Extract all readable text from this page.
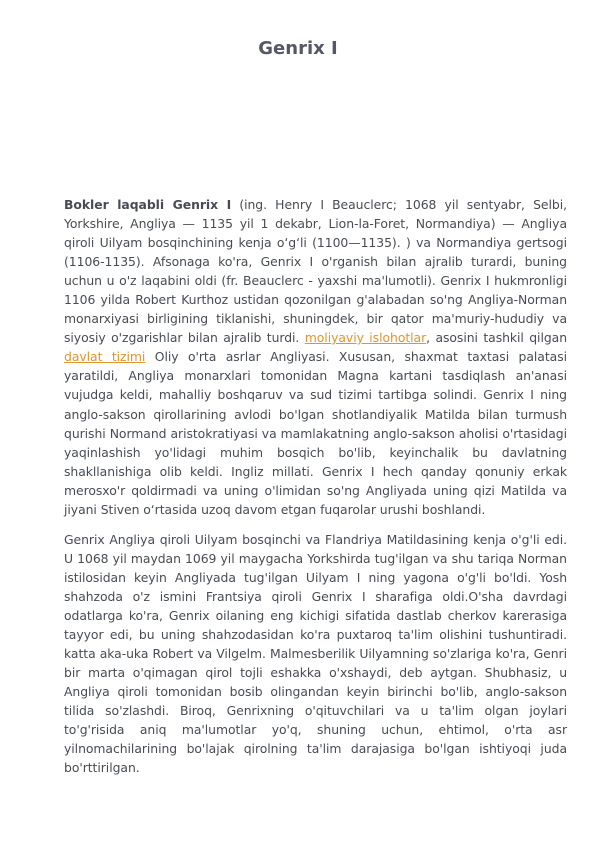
Genrix I

Bokler laqabli Genrix I (ing. Henry I Beauclerc; 1068 yil sentyabr, Selbi, Yorkshire, Angliya — 1135 yil 1 dekabr, Lion-la-Foret, Normandiya) — Angliya qiroli Uilyam bosqinchining kenja oʻgʻli (1100—1135). ) va Normandiya gertsogi (1106-1135). Afsonaga ko'ra, Genrix I o'rganish bilan ajralib turardi, buning uchun u o'z laqabini oldi (fr. Beauclerc - yaxshi ma'lumotli). Genrix I hukmronligi 1106 yilda Robert Kurthoz ustidan qozonilgan g'alabadan so'ng Angliya-Norman monarxiyasi birligining tiklanishi, shuningdek, bir qator ma'muriy-hududiy va siyosiy o'zgarishlar bilan ajralib turdi. moliyaviy islohotlar, asosini tashkil qilgan davlat tizimi Oliy o'rta asrlar Angliyasi. Xususan, shaxmat taxtasi palatasi yaratildi, Angliya monarxlari tomonidan Magna kartani tasdiqlash an'anasi vujudga keldi, mahalliy boshqaruv va sud tizimi tartibga solindi. Genrix I ning anglo-sakson qirollarining avlodi bo'lgan shotlandiyalik Matilda bilan turmush qurishi Normand aristokratiyasi va mamlakatning anglo-sakson aholisi o'rtasidagi yaqinlashish yo'lidagi muhim bosqich bo'lib, keyinchalik bu davlatning shakllanishiga olib keldi. Ingliz millati. Genrix I hech qanday qonuniy erkak merosxo'r qoldirmadi va uning o'limidan so'ng Angliyada uning qizi Matilda va jiyani Stiven oʻrtasida uzoq davom etgan fuqarolar urushi boshlandi.

Genrix Angliya qiroli Uilyam bosqinchi va Flandriya Matildasining kenja o'g'li edi. U 1068 yil maydan 1069 yil maygacha Yorkshirda tug'ilgan va shu tariqa Norman istilosidan keyin Angliyada tug'ilgan Uilyam I ning yagona o'g'li bo'ldi. Yosh shahzoda o'z ismini Frantsiya qiroli Genrix I sharafiga oldi.O'sha davrdagi odatlarga ko'ra, Genrix oilaning eng kichigi sifatida dastlab cherkov karerasiga tayyor edi, bu uning shahzodasidan ko'ra puxtaroq ta'lim olishini tushuntiradi. katta aka-uka Robert va Vilgelm. Malmesberilik Uilyamning so'zlariga ko'ra, Genri bir marta o'qimagan qirol tojli eshakka o'xshaydi, deb aytgan. Shubhasiz, u Angliya qiroli tomonidan bosib olingandan keyin birinchi bo'lib, anglo-sakson tilida so'zlashdi. Biroq, Genrixning o'qituvchilari va u ta'lim olgan joylari to'g'risida aniq ma'lumotlar yo'q, shuning uchun, ehtimol, o'rta asr yilnomachilarining bo'lajak qirolning ta'lim darajasiga bo'lgan ishtiyoqi juda bo'rttirilgan.
